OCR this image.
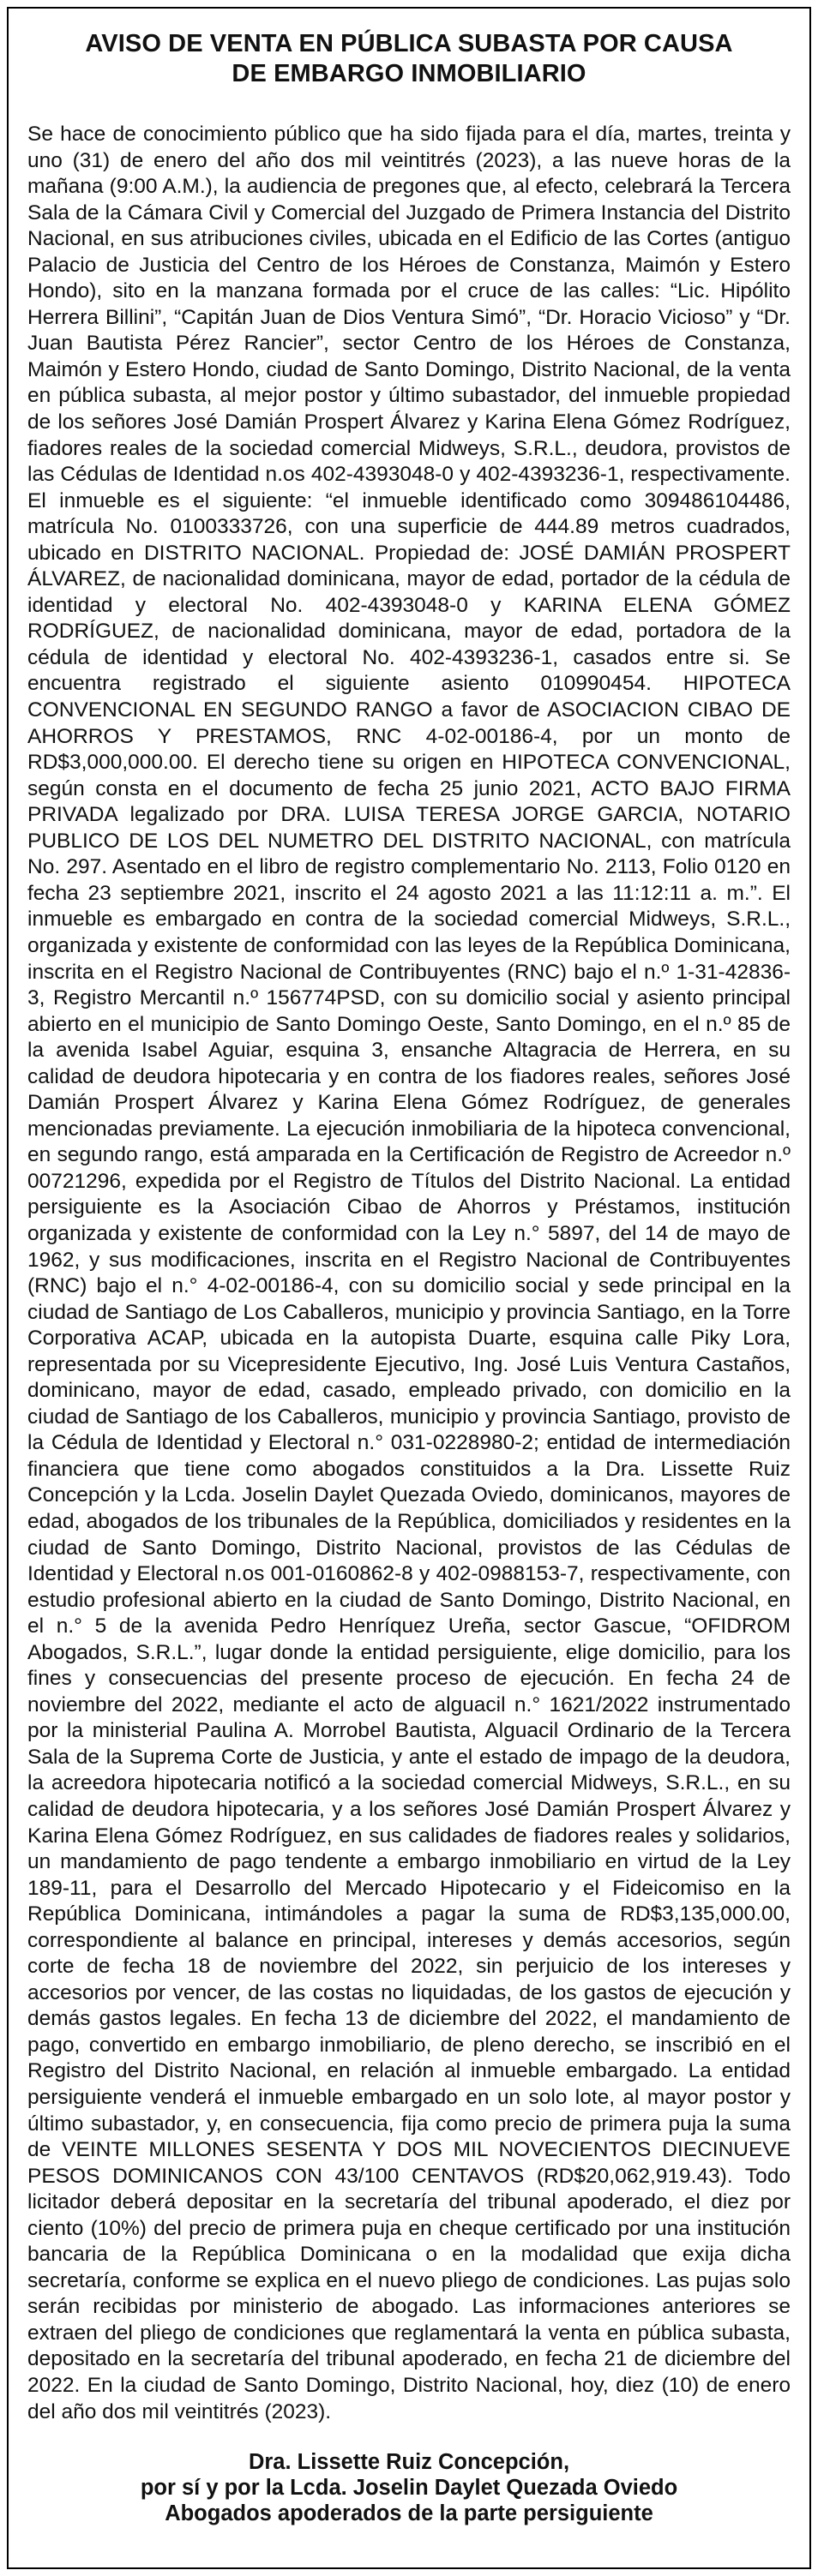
AVISO DE VENTA EN PÚBLICA SUBASTA POR CAUSA
DE EMBARGO INMOBILIARIO

Se hace de conocimiento público que ha sido fijada para el día, martes, treinta y uno (31) de enero del año dos mil veintitrés (2023), a las nueve horas de la mañana (9:00 A.M.), la audiencia de pregones que, al efecto, celebrará la Tercera Sala de la Cámara Civil y Comercial del Juzgado de Primera Instancia del Distrito Nacional, en sus atribuciones civiles, ubicada en el Edificio de las Cortes (antiguo Palacio de Justicia del Centro de los Héroes de Constanza, Maimón y Estero Hondo), sito en la manzana formada por el cruce de las calles: “Lic. Hipólito Herrera Billini”, “Capitán Juan de Dios Ventura Simó”, “Dr. Horacio Vicioso” y “Dr. Juan Bautista Pérez Rancier”, sector Centro de los Héroes de Constanza, Maimón y Estero Hondo, ciudad de Santo Domingo, Distrito Nacional, de la venta en pública subasta, al mejor postor y último subastador, del inmueble propiedad de los señores José Damián Prospert Álvarez y Karina Elena Gómez Rodríguez, fiadores reales de la sociedad comercial Midweys, S.R.L., deudora, provistos de las Cédulas de Identidad n.os 402-4393048-0 y 402-4393236-1, respectivamente. El inmueble es el siguiente: “el inmueble identificado como 309486104486, matrícula No. 0100333726, con una superficie de 444.89 metros cuadrados, ubicado en DISTRITO NACIONAL. Propiedad de: JOSÉ DAMIÁN PROSPERT ÁLVAREZ, de nacionalidad dominicana, mayor de edad, portador de la cédula de identidad y electoral No. 402-4393048-0 y KARINA ELENA GÓMEZ RODRÍGUEZ, de nacionalidad dominicana, mayor de edad, portadora de la cédula de identidad y electoral No. 402-4393236-1, casados entre si. Se encuentra registrado el siguiente asiento 010990454. HIPOTECA CONVENCIONAL EN SEGUNDO RANGO a favor de ASOCIACION CIBAO DE AHORROS Y PRESTAMOS, RNC 4-02-00186-4, por un monto de RD$3,000,000.00. El derecho tiene su origen en HIPOTECA CONVENCIONAL, según consta en el documento de fecha 25 junio 2021, ACTO BAJO FIRMA PRIVADA legalizado por DRA. LUISA TERESA JORGE GARCIA, NOTARIO PUBLICO DE LOS DEL NUMETRO DEL DISTRITO NACIONAL, con matrícula No. 297. Asentado en el libro de registro complementario No. 2113, Folio 0120 en fecha 23 septiembre 2021, inscrito el 24 agosto 2021 a las 11:12:11 a. m.”. El inmueble es embargado en contra de la sociedad comercial Midweys, S.R.L., organizada y existente de conformidad con las leyes de la República Dominicana, inscrita en el Registro Nacional de Contribuyentes (RNC) bajo el n.º 1-31-42836-3, Registro Mercantil n.º 156774PSD, con su domicilio social y asiento principal abierto en el municipio de Santo Domingo Oeste, Santo Domingo, en el n.º 85 de la avenida Isabel Aguiar, esquina 3, ensanche Altagracia de Herrera, en su calidad de deudora hipotecaria y en contra de los fiadores reales, señores José Damián Prospert Álvarez y Karina Elena Gómez Rodríguez, de generales mencionadas previamente. La ejecución inmobiliaria de la hipoteca convencional, en segundo rango, está amparada en la Certificación de Registro de Acreedor n.º 00721296, expedida por el Registro de Títulos del Distrito Nacional. La entidad persiguiente es la Asociación Cibao de Ahorros y Préstamos, institución organizada y existente de conformidad con la Ley n.° 5897, del 14 de mayo de 1962, y sus modificaciones, inscrita en el Registro Nacional de Contribuyentes (RNC) bajo el n.° 4-02-00186-4, con su domicilio social y sede principal en la ciudad de Santiago de Los Caballeros, municipio y provincia Santiago, en la Torre Corporativa ACAP, ubicada en la autopista Duarte, esquina calle Piky Lora, representada por su Vicepresidente Ejecutivo, Ing. José Luis Ventura Castaños, dominicano, mayor de edad, casado, empleado privado, con domicilio en la ciudad de Santiago de los Caballeros, municipio y provincia Santiago, provisto de la Cédula de Identidad y Electoral n.° 031-0228980-2; entidad de intermediación financiera que tiene como abogados constituidos a la Dra. Lissette Ruiz Concepción y la Lcda. Joselin Daylet Quezada Oviedo, dominicanos, mayores de edad, abogados de los tribunales de la República, domiciliados y residentes en la ciudad de Santo Domingo, Distrito Nacional, provistos de las Cédulas de Identidad y Electoral n.os 001-0160862-8 y 402-0988153-7, respectivamente, con estudio profesional abierto en la ciudad de Santo Domingo, Distrito Nacional, en el n.° 5 de la avenida Pedro Henríquez Ureña, sector Gascue, “OFIDROM Abogados, S.R.L.”, lugar donde la entidad persiguiente, elige domicilio, para los fines y consecuencias del presente proceso de ejecución. En fecha 24 de noviembre del 2022, mediante el acto de alguacil n.° 1621/2022 instrumentado por la ministerial Paulina A. Morrobel Bautista, Alguacil Ordinario de la Tercera Sala de la Suprema Corte de Justicia, y ante el estado de impago de la deudora, la acreedora hipotecaria notificó a la sociedad comercial Midweys, S.R.L., en su calidad de deudora hipotecaria, y a los señores José Damián Prospert Álvarez y Karina Elena Gómez Rodríguez, en sus calidades de fiadores reales y solidarios, un mandamiento de pago tendente a embargo inmobiliario en virtud de la Ley 189-11, para el Desarrollo del Mercado Hipotecario y el Fideicomiso en la República Dominicana, intimándoles a pagar la suma de RD$3,135,000.00, correspondiente al balance en principal, intereses y demás accesorios, según corte de fecha 18 de noviembre del 2022, sin perjuicio de los intereses y accesorios por vencer, de las costas no liquidadas, de los gastos de ejecución y demás gastos legales. En fecha 13 de diciembre del 2022, el mandamiento de pago, convertido en embargo inmobiliario, de pleno derecho, se inscribió en el Registro del Distrito Nacional, en relación al inmueble embargado. La entidad persiguiente venderá el inmueble embargado en un solo lote, al mayor postor y último subastador, y, en consecuencia, fija como precio de primera puja la suma de VEINTE MILLONES SESENTA Y DOS MIL NOVECIENTOS DIECINUEVE PESOS DOMINICANOS CON 43/100 CENTAVOS (RD$20,062,919.43). Todo licitador deberá depositar en la secretaría del tribunal apoderado, el diez por ciento (10%) del precio de primera puja en cheque certificado por una institución bancaria de la República Dominicana o en la modalidad que exija dicha secretaría, conforme se explica en el nuevo pliego de condiciones. Las pujas solo serán recibidas por ministerio de abogado. Las informaciones anteriores se extraen del pliego de condiciones que reglamentará la venta en pública subasta, depositado en la secretaría del tribunal apoderado, en fecha 21 de diciembre del 2022. En la ciudad de Santo Domingo, Distrito Nacional, hoy, diez (10) de enero del año dos mil veintitrés (2023).

Dra. Lissette Ruiz Concepción,
por sí y por la Lcda. Joselin Daylet Quezada Oviedo
Abogados apoderados de la parte persiguiente
